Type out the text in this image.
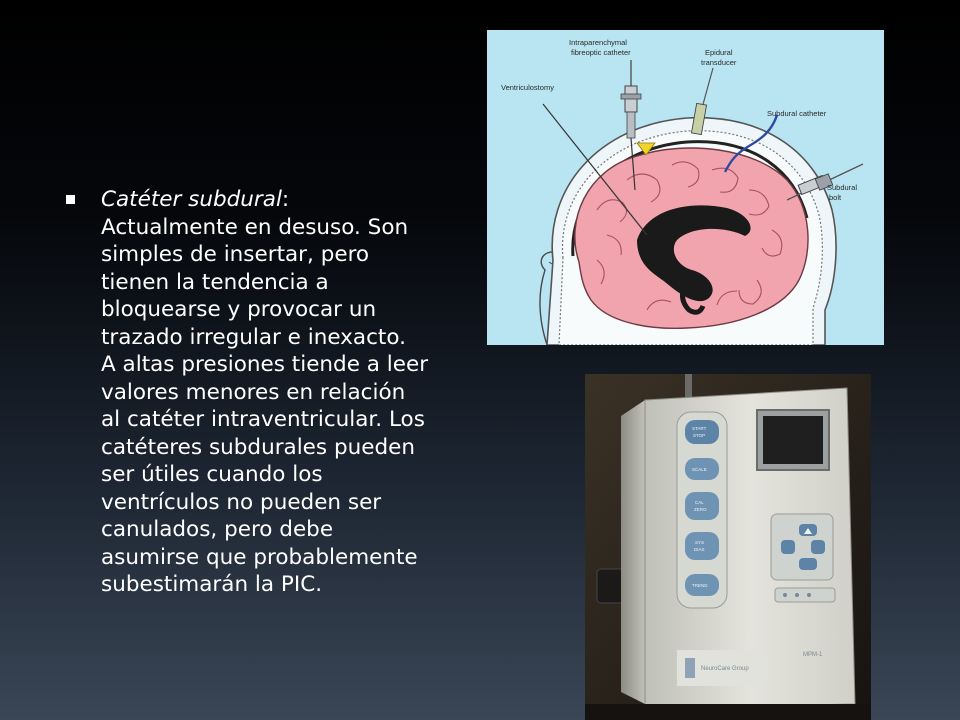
Catéter subdural:
Actualmente en desuso. Son
simples de insertar, pero
tienen la tendencia a
bloquearse y provocar un
trazado irregular e inexacto.
A altas presiones tiende a leer
valores menores en relación
al catéter intraventricular. Los
catéteres subdurales pueden
ser útiles cuando los
ventrículos no pueden ser
canulados, pero debe
asumirse que probablemente
subestimarán la PIC.
Intraparenchymal
fibreoptic catheter	Epidural
transducer
Ventriculostomy
Subdural catheter
Subdural
bolt
START
STOP
SCALE
CAL
ZERO
SYS
DIAS
TREND
NeuroCare Group
MPM-1
